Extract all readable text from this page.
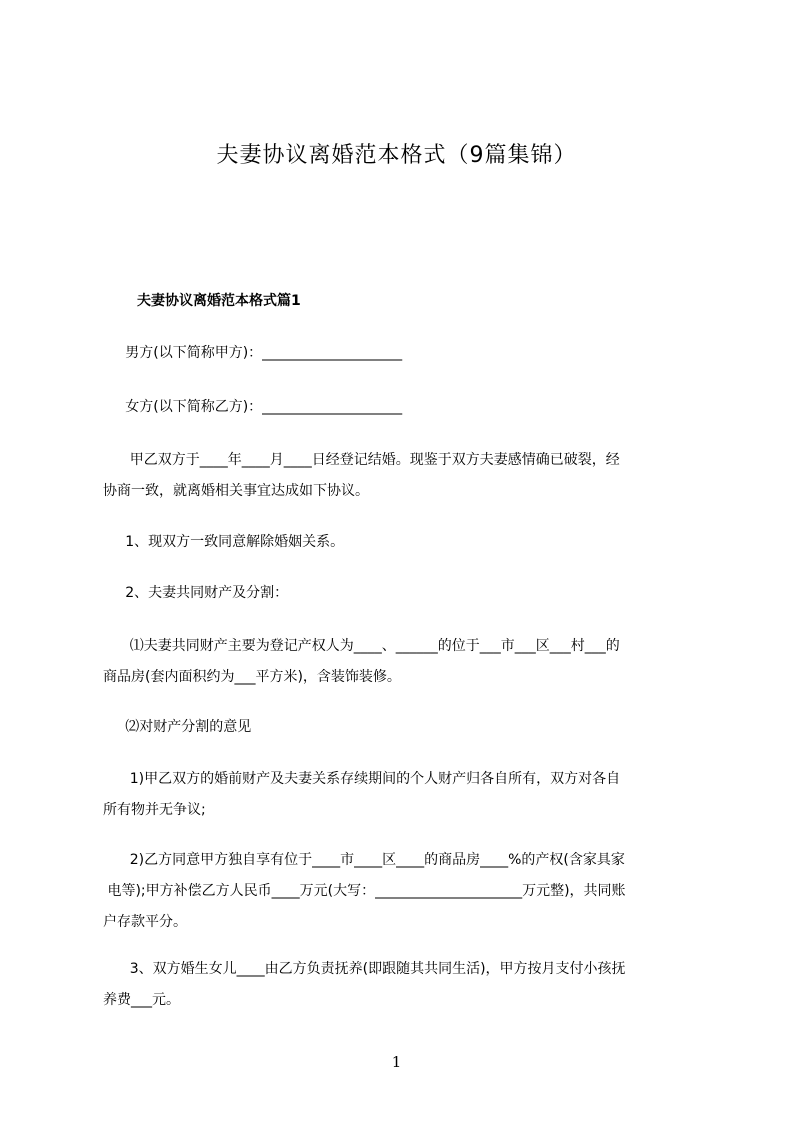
夫妻协议离婚范本格式（9篇集锦）
夫妻协议离婚范本格式篇1

男方(以下简称甲方)：____________________

女方(以下简称乙方)：____________________

甲乙双方于____年____月____日经登记结婚。现鉴于双方夫妻感情确已破裂，经
协商一致，就离婚相关事宜达成如下协议。

1、现双方一致同意解除婚姻关系。

2、夫妻共同财产及分割：

⑴夫妻共同财产主要为登记产权人为____、______的位于___市___区___村___的
商品房(套内面积约为___平方米)，含装饰装修。

⑵对财产分割的意见

1)甲乙双方的婚前财产及夫妻关系存续期间的个人财产归各自所有，双方对各自
所有物并无争议;

2)乙方同意甲方独自享有位于____市____区____的商品房____%的产权(含家具家
电等);甲方补偿乙方人民币____万元(大写：_____________________万元整)，共同账
户存款平分。

3、双方婚生女儿____由乙方负责抚养(即跟随其共同生活)，甲方按月支付小孩抚
养费___元。

1
